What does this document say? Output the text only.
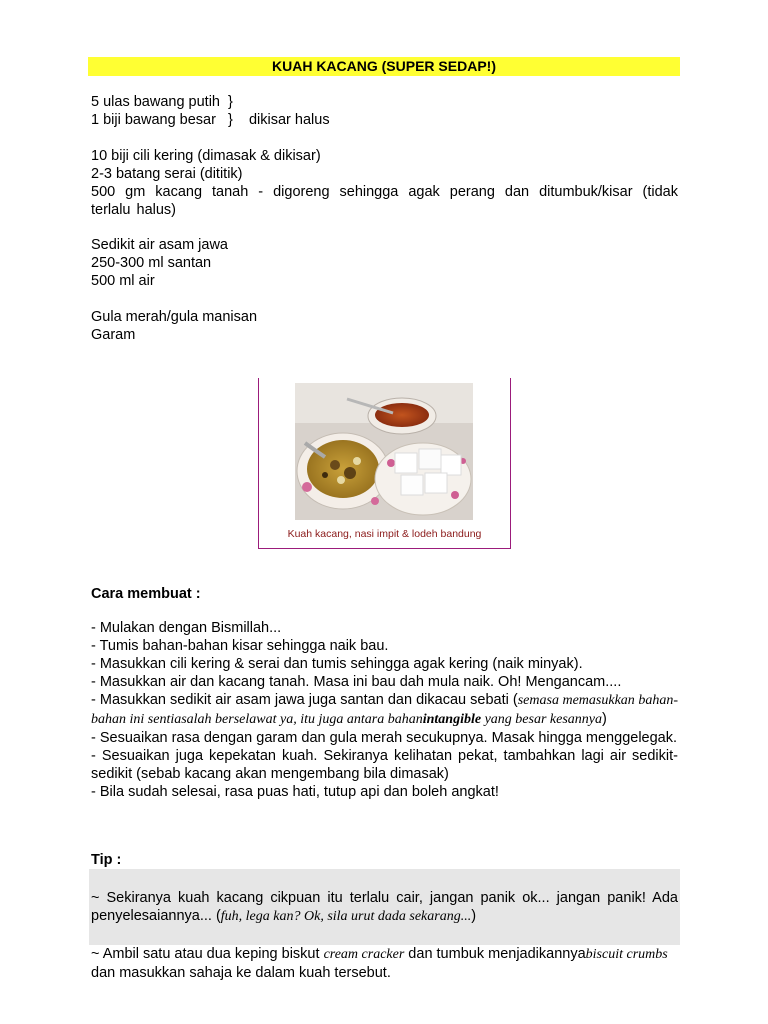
KUAH KACANG (SUPER SEDAP!)
5 ulas bawang putih  }
1 biji bawang besar   }    dikisar halus
10 biji cili kering (dimasak & dikisar)
2-3 batang serai (dititik)
500 gm kacang tanah - digoreng sehingga agak perang dan ditumbuk/kisar (tidak terlalu halus)
Sedikit air asam jawa
250-300 ml santan
500 ml air
Gula merah/gula manisan
Garam
Kuah kacang, nasi impit & lodeh bandung
Cara membuat :
- Mulakan dengan Bismillah...
- Tumis bahan-bahan kisar sehingga naik bau.
- Masukkan cili kering & serai dan tumis sehingga agak kering (naik minyak).
- Masukkan air dan kacang tanah. Masa ini bau dah mula naik. Oh! Mengancam....
- Masukkan sedikit air asam jawa juga santan dan dikacau sebati (semasa memasukkan bahan-bahan ini sentiasalah berselawat ya, itu juga antara bahanintangible yang besar kesannya)
- Sesuaikan rasa dengan garam dan gula merah secukupnya. Masak hingga menggelegak.
- Sesuaikan juga kepekatan kuah. Sekiranya kelihatan pekat, tambahkan lagi air sedikit-sedikit (sebab kacang akan mengembang bila dimasak)
- Bila sudah selesai, rasa puas hati, tutup api dan boleh angkat!
Tip :
~ Sekiranya kuah kacang cikpuan itu terlalu cair, jangan panik ok... jangan panik! Ada penyelesaiannya... (fuh, lega kan? Ok, sila urut dada sekarang...)
~ Ambil satu atau dua keping biskut cream cracker dan tumbuk menjadikannyabiscuit crumbs dan masukkan sahaja ke dalam kuah tersebut.
